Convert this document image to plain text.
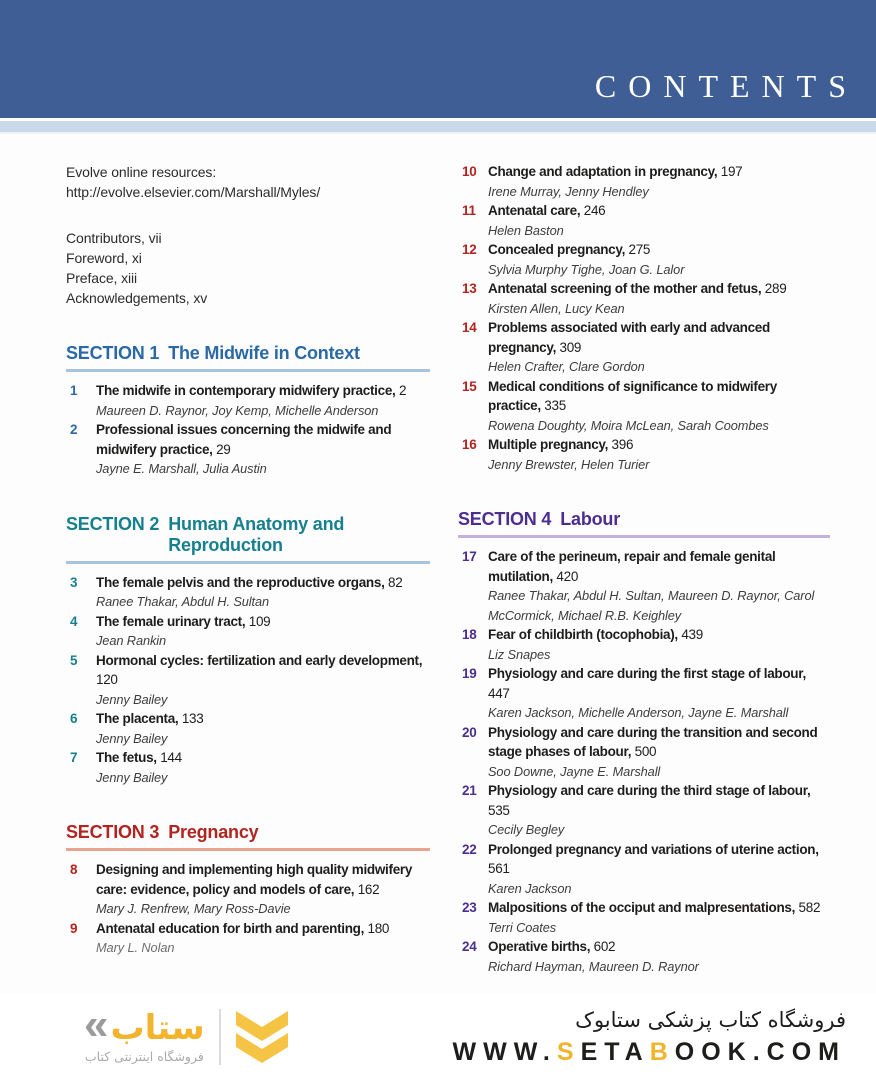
CONTENTS
Evolve online resources:
http://evolve.elsevier.com/Marshall/Myles/
Contributors, vii
Foreword, xi
Preface, xiii
Acknowledgements, xv
SECTION 1 The Midwife in Context
1	The midwife in contemporary midwifery practice, 2
Maureen D. Raynor, Joy Kemp, Michelle Anderson
2	Professional issues concerning the midwife and midwifery practice, 29
Jayne E. Marshall, Julia Austin
SECTION 2 Human Anatomy and Reproduction
3	The female pelvis and the reproductive organs, 82
Ranee Thakar, Abdul H. Sultan
4	The female urinary tract, 109
Jean Rankin
5	Hormonal cycles: fertilization and early development, 120
Jenny Bailey
6	The placenta, 133
Jenny Bailey
7	The fetus, 144
Jenny Bailey
SECTION 3 Pregnancy
8	Designing and implementing high quality midwifery care: evidence, policy and models of care, 162
Mary J. Renfrew, Mary Ross-Davie
9	Antenatal education for birth and parenting, 180
Mary L. Nolan
10 Change and adaptation in pregnancy, 197
Irene Murray, Jenny Hendley
11 Antenatal care, 246
Helen Baston
12 Concealed pregnancy, 275
Sylvia Murphy Tighe, Joan G. Lalor
13 Antenatal screening of the mother and fetus, 289
Kirsten Allen, Lucy Kean
14 Problems associated with early and advanced pregnancy, 309
Helen Crafter, Clare Gordon
15 Medical conditions of significance to midwifery practice, 335
Rowena Doughty, Moira McLean, Sarah Coombes
16 Multiple pregnancy, 396
Jenny Brewster, Helen Turier
SECTION 4 Labour
17 Care of the perineum, repair and female genital mutilation, 420
Ranee Thakar, Abdul H. Sultan, Maureen D. Raynor, Carol McCormick, Michael R.B. Keighley
18 Fear of childbirth (tocophobia), 439
Liz Snapes
19 Physiology and care during the first stage of labour, 447
Karen Jackson, Michelle Anderson, Jayne E. Marshall
20 Physiology and care during the transition and second stage phases of labour, 500
Soo Downe, Jayne E. Marshall
21 Physiology and care during the third stage of labour, 535
Cecily Begley
22 Prolonged pregnancy and variations of uterine action, 561
Karen Jackson
23 Malpositions of the occiput and malpresentations, 582
Terri Coates
24 Operative births, 602
Richard Hayman, Maureen D. Raynor
« ستاب
فروشگاه اینترنتی کتاب
فروشگاه کتاب پزشکی ستابوک
WWW.SETABOOK.COM
